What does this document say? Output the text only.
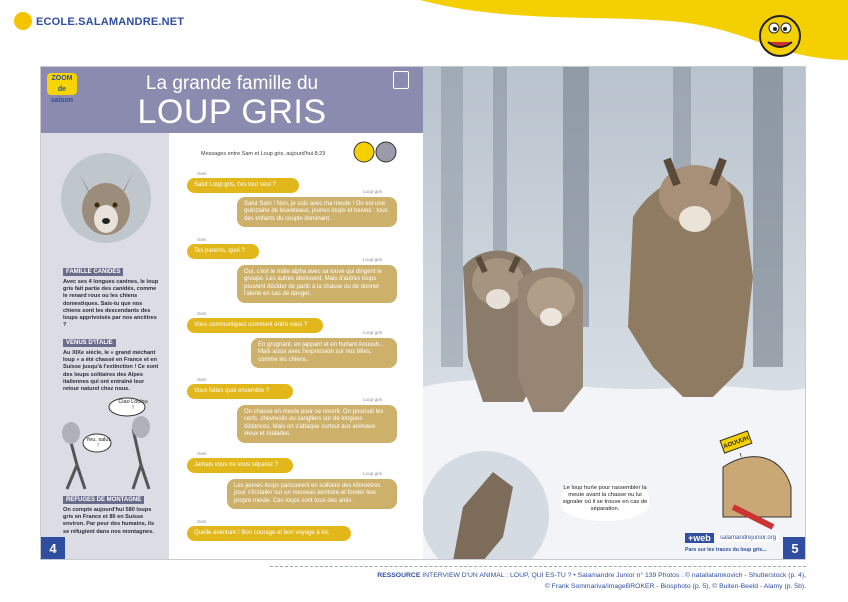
ECOLE.SALAMANDRE.NET
ZOOM de saison
La grande famille du
LOUP GRIS
FAMILLE CANIDÉS
Avec ses 4 longues canines, le loup gris fait partie des canidés, comme le renard roux ou les chiens domestiques. Sais-tu que nos chiens sont les descendants des loups apprivoisés par nos ancêtres ?
VENUS D'ITALIE
Au XIXe siècle, le « grand méchant loup » a été chassé en France et en Suisse jusqu'à l'extinction ! Ce sont des loups solitaires des Alpes italiennes qui ont entraîné leur retour naturel chez nous.
Ciao Loulou !
Yeu, salut !
REFUGES DE MONTAGNE
On compte aujourd'hui 580 loups gris en France et 80 en Suisse environ. Par peur des humains, ils se réfugient dans nos montagnes.
4
Messages entre Sam et Loup gris, aujourd'hui 8:23
Sam
Salut Loup gris, t'es tout seul ?
Loup gris
Salut Sam ! Non, je suis avec ma meute ! On est une quinzaine de louveteaux, jeunes loups et louves : tous des enfants du couple dominant.
Sam
Tes parents, quoi ?
Loup gris
Oui, c'est le mâle alpha avec sa louve qui dirigent le groupe. Les autres obéissent. Mais d'autres loups peuvent décider de partir à la chasse ou de donner l'alerte en cas de danger.
Sam
Vous communiquez comment entre vous ?
Loup gris
En grognant, en jappant et en hurlant Aouuuh... Mais aussi avec l'expression sur nos têtes, comme les chiens.
Sam
Vous faites quoi ensemble ?
Loup gris
On chasse en meute pour se nourrir. On poursuit les cerfs, chevreuils ou sangliers sur de longues distances. Mais on s'attaque surtout aux animaux vieux et malades.
Sam
Jamais vous ne vous séparez ?
Loup gris
Les jeunes loups parcourent en solitaire des kilomètres pour s'installer sur un nouveau territoire et fonder leur propre meute. Ces loups sont tous des amis.
Sam
Quelle aventure ! Bon courage et bon voyage à toi.
Le loup hurle pour rassembler la meute avant la chasse ou lui signaler où il se trouve en cas de séparation.
AOUUUH !
+web	salamandrejunior.org
Pars sur les traces du loup gris...	5
RESSOURCE INTERVIEW D'UN ANIMAL : LOUP, QUI ES-TU ? • Salamandre Junior n° 139 Photos : © natallatamkovich - Shutterstock (p. 4),
© Frank Sommariva/imageBROKER - Biosphoto (p. 5), © Buiten-Beeld - Alamy (p. 5b).
